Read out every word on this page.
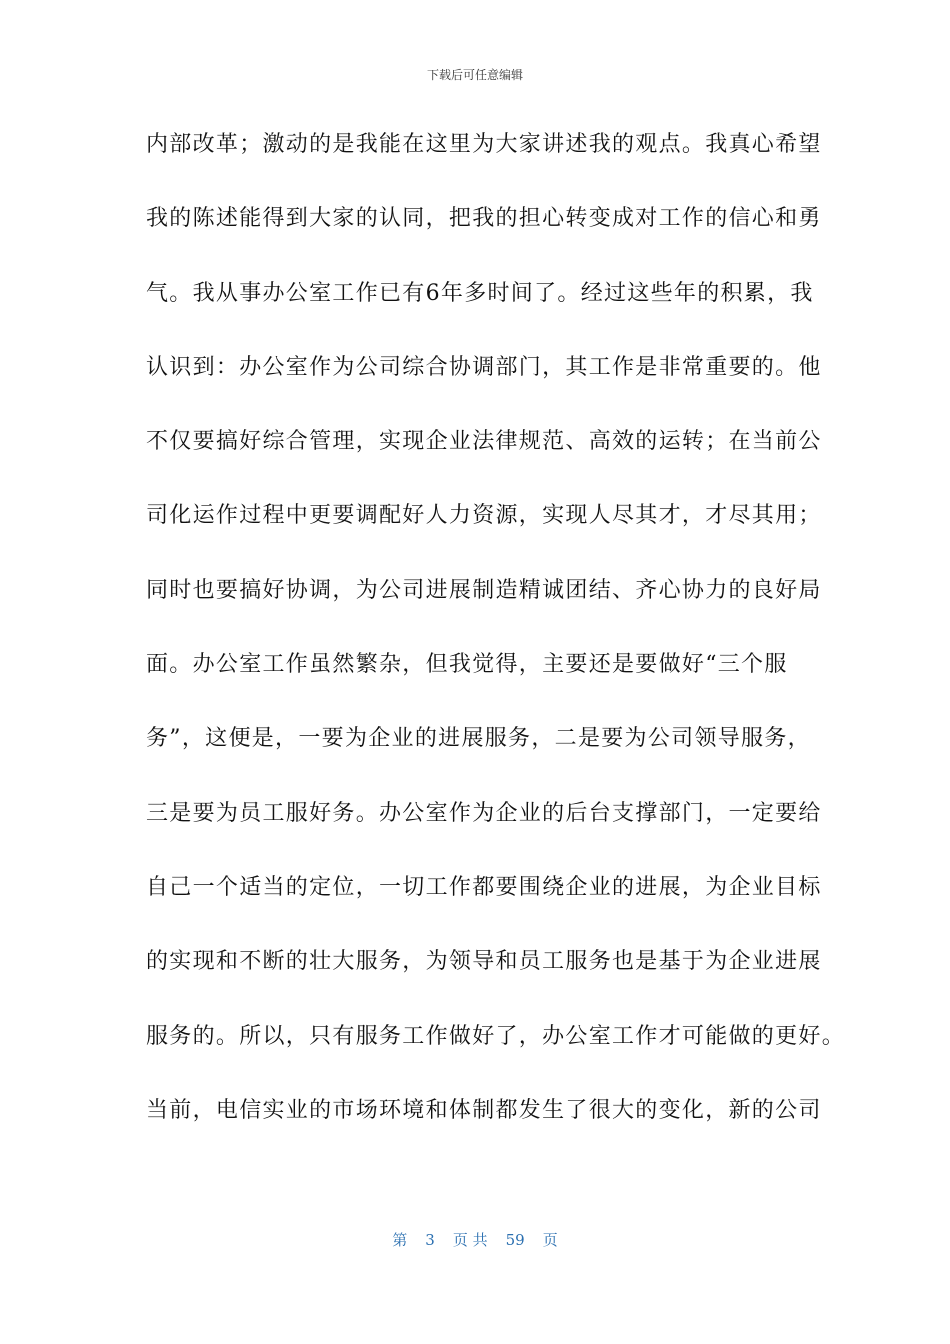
下载后可任意编辑
内部改革；激动的是我能在这里为大家讲述我的观点。我真心希望
我的陈述能得到大家的认同，把我的担心转变成对工作的信心和勇
气。我从事办公室工作已有6年多时间了。经过这些年的积累，我
认识到：办公室作为公司综合协调部门，其工作是非常重要的。他
不仅要搞好综合管理，实现企业法律规范、高效的运转；在当前公
司化运作过程中更要调配好人力资源，实现人尽其才，才尽其用；
同时也要搞好协调，为公司进展制造精诚团结、齐心协力的良好局
面。办公室工作虽然繁杂，但我觉得，主要还是要做好“三个服
务”，这便是，一要为企业的进展服务，二是要为公司领导服务，
三是要为员工服好务。办公室作为企业的后台支撑部门，一定要给
自己一个适当的定位，一切工作都要围绕企业的进展，为企业目标
的实现和不断的壮大服务，为领导和员工服务也是基于为企业进展
服务的。所以，只有服务工作做好了，办公室工作才可能做的更好。
当前，电信实业的市场环境和体制都发生了很大的变化，新的公司
第 3 页 共 59 页
